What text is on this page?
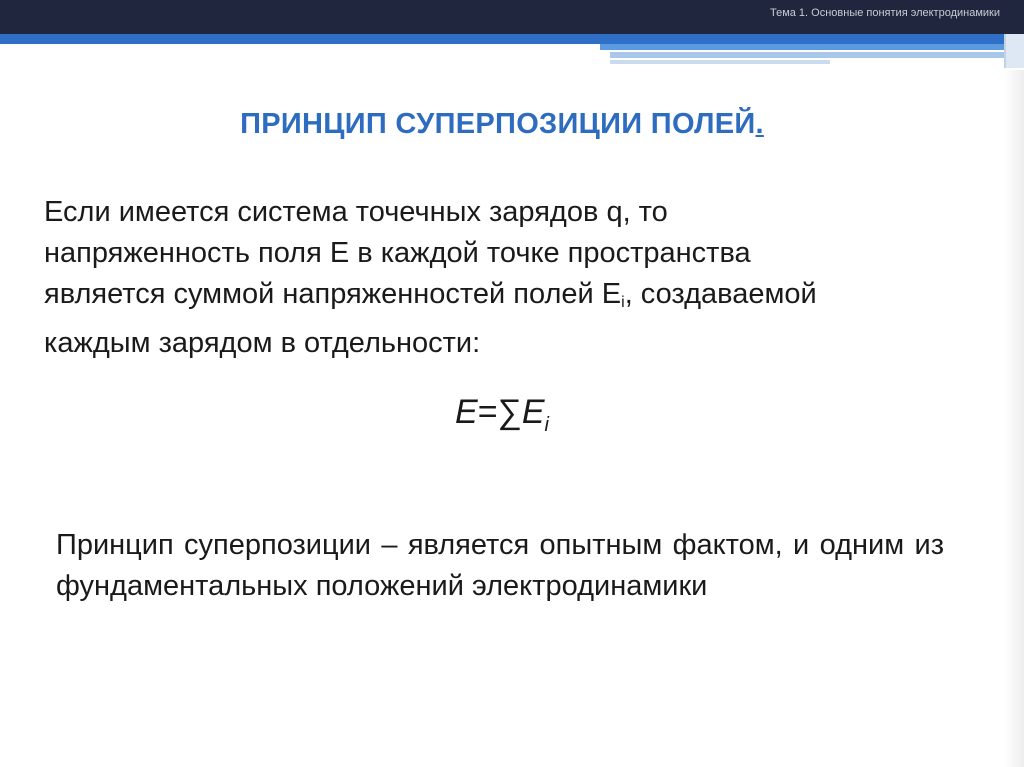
Тема 1. Основные понятия электродинамики
ПРИНЦИП СУПЕРПОЗИЦИИ ПОЛЕЙ.
Если имеется система точечных зарядов q, то
напряженность поля E в каждой точке пространства
является суммой напряженностей полей $E_i$, создаваемой
каждым зарядом в отдельности:
$E=\sum E_i$
Принцип суперпозиции – является опытным фактом, и одним из фундаментальных положений электродинамики
